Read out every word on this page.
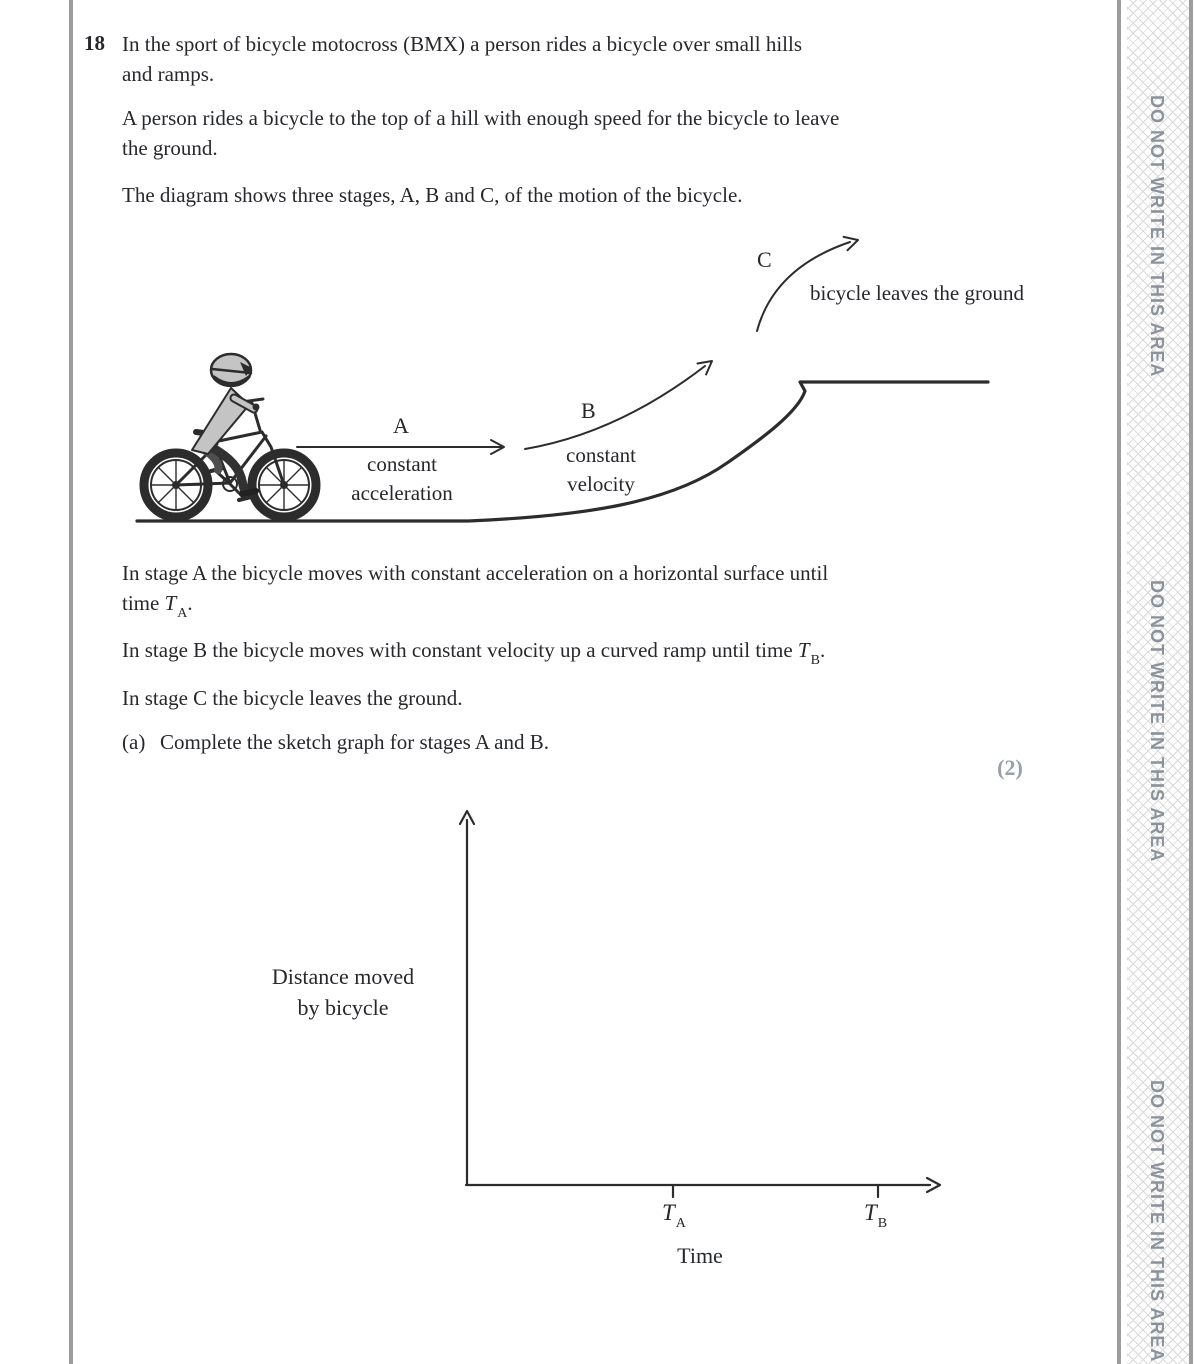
DO NOT WRITE IN THIS AREA
DO NOT WRITE IN THIS AREA
DO NOT WRITE IN THIS AREA
18 In the sport of bicycle motocross (BMX) a person rides a bicycle over small hills
and ramps.
A person rides a bicycle to the top of a hill with enough speed for the bicycle to leave
the ground.
The diagram shows three stages, A, B and C, of the motion of the bicycle.
A
constant
acceleration
B
constant
velocity
C
bicycle leaves the ground
In stage A the bicycle moves with constant acceleration on a horizontal surface until
time $T_A$.
In stage B the bicycle moves with constant velocity up a curved ramp until time $T_B$.
In stage C the bicycle leaves the ground.
(a) Complete the sketch graph for stages A and B.
(2)
Distance moved
by bicycle
$T_A$	$T_B$
Time
